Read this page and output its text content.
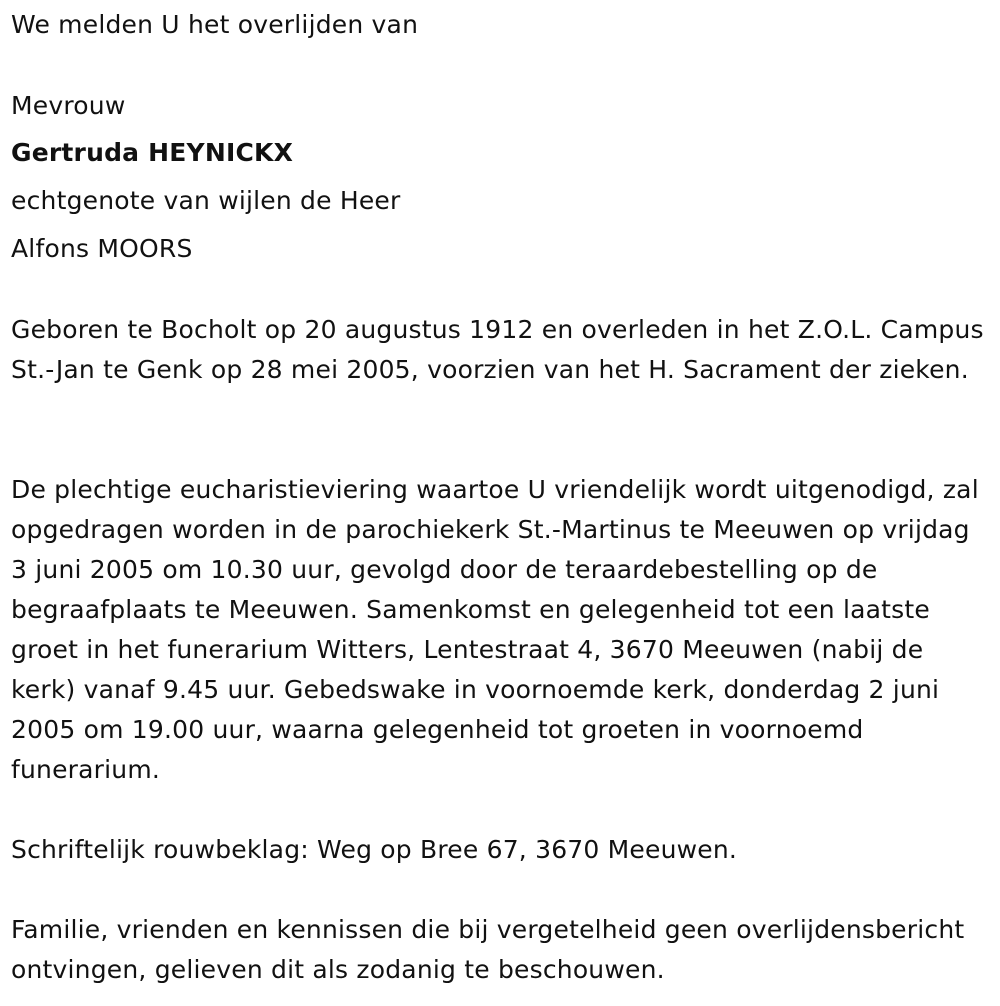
We melden U het overlijden van
Mevrouw
Gertruda HEYNICKX
echtgenote van wijlen de Heer
Alfons MOORS
Geboren te Bocholt op 20 augustus 1912 en overleden in het Z.O.L. Campus St.-Jan te Genk op 28 mei 2005, voorzien van het H. Sacrament der zieken.
De plechtige eucharistieviering waartoe U vriendelijk wordt uitgenodigd, zal opgedragen worden in de parochiekerk St.-Martinus te Meeuwen op vrijdag 3 juni 2005 om 10.30 uur, gevolgd door de teraardebestelling op de begraafplaats te Meeuwen. Samenkomst en gelegenheid tot een laatste groet in het funerarium Witters, Lentestraat 4, 3670 Meeuwen (nabij de kerk) vanaf 9.45 uur. Gebedswake in voornoemde kerk, donderdag 2 juni 2005 om 19.00 uur, waarna gelegenheid tot groeten in voornoemd funerarium.
Schriftelijk rouwbeklag: Weg op Bree 67, 3670 Meeuwen.
Familie, vrienden en kennissen die bij vergetelheid geen overlijdensbericht ontvingen, gelieven dit als zodanig te beschouwen.
